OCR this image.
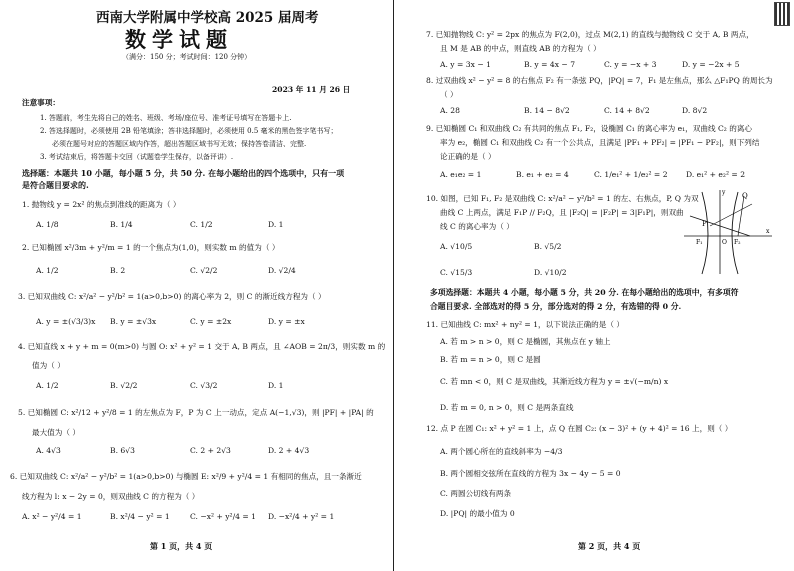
西南大学附属中学校高 2025 届周考
数学试题
（满分：150 分；考试时间：120 分钟）
2023 年 11 月 26 日
注意事项：
1. 答题前，考生先将自己的姓名、班级、考场/座位号、准考证号填写在答题卡上.
2. 答选择题时，必须使用 2B 铅笔填涂；答非选择题时，必须使用 0.5 毫米的黑色签字笔书写；
必须在题号对应的答题区域内作答，超出答题区域书写无效；保持答卷清洁、完整.
3. 考试结束后，将答题卡交回（试题卷学生保存，以备评讲）.
选择题：本题共 10 小题，每小题 5 分，共 50 分. 在每小题给出的四个选项中，只有一项
是符合题目要求的.
1. 抛物线 y = 2x² 的焦点到准线的距离为（ ）
A. 1/8	B. 1/4	C. 1/2	D. 1
2. 已知椭圆 x²/3m + y²/m = 1 的一个焦点为(1,0)，则实数 m 的值为（ ）
A. 1/2	B. 2	C. √2/2	D. √2/4
3. 已知双曲线 C: x²/a² − y²/b² = 1(a>0,b>0) 的离心率为 2，则 C 的渐近线方程为（ ）
A. y = ±(√3/3)x B. y = ±√3x	C. y = ±2x	D. y = ±x
4. 已知直线 x + y + m = 0(m>0) 与圆 O: x² + y² = 1 交于 A, B 两点，且 ∠AOB = 2π/3，则实数 m 的
值为（ ）
A. 1/2	B. √2/2	C. √3/2	D. 1
5. 已知椭圆 C: x²/12 + y²/8 = 1 的左焦点为 F，P 为 C 上一动点，定点 A(−1,√3)，则 |PF| + |PA| 的
最大值为（ ）
A. 4√3	B. 6√3	C. 2 + 2√3	D. 2 + 4√3
6. 已知双曲线 C: x²/a² − y²/b² = 1(a>0,b>0) 与椭圆 E: x²/9 + y²/4 = 1 有相同的焦点，且一条渐近
线方程为 l: x − 2y = 0，则双曲线 C 的方程为（ ）
A. x² − y²/4 = 1	B. x²/4 − y² = 1	C. −x² + y²/4 = 1 D. −x²/4 + y² = 1
第 1 页，共 4 页
7. 已知抛物线 C: y² = 2px 的焦点为 F(2,0)，过点 M(2,1) 的直线与抛物线 C 交于 A, B 两点，
且 M 是 AB 的中点，则直线 AB 的方程为（ ）
A. y = 3x − 1	B. y = 4x − 7	C. y = −x + 3	D. y = −2x + 5
8. 过双曲线 x² − y² = 8 的右焦点 F₂ 有一条弦 PQ，|PQ| = 7，F₁ 是左焦点，那么 △F₁PQ 的周长为
（ ）
A. 28	B. 14 − 8√2	C. 14 + 8√2	D. 8√2
9. 已知椭圆 C₁ 和双曲线 C₂ 有共同的焦点 F₁, F₂，设椭圆 C₁ 的离心率为 e₁，双曲线 C₂ 的离心
率为 e₂，椭圆 C₁ 和双曲线 C₂ 有一个公共点，且满足 |PF₁ + PF₂| = |PF₁ − PF₂|，则下列结
论正确的是（ ）
A. e₁e₂ = 1	B. e₁ + e₂ = 4	C. 1/e₁² + 1/e₂² = 2 D. e₁² + e₂² = 2
10. 如图，已知 F₁, F₂ 是双曲线 C: x²/a² − y²/b² = 1 的左、右焦点，P, Q 为双
曲线 C 上两点，满足 F₁P // F₂Q，且 |F₂Q| = |F₂P| = 3|F₁P|，则双曲
线 C 的离心率为（ ）
A. √10/5	B. √5/2
C. √15/3	D. √10/2
Q
P
F₁	F₂
O
x
y
多项选择题：本题共 4 小题，每小题 5 分，共 20 分. 在每小题给出的选项中，有多项符
合题目要求. 全部选对的得 5 分，部分选对的得 2 分，有选错的得 0 分.
11. 已知曲线 C: mx² + ny² = 1，以下说法正确的是（ ）
A. 若 m > n > 0，则 C 是椭圆，其焦点在 y 轴上
B. 若 m = n > 0，则 C 是圆
C. 若 mn < 0，则 C 是双曲线，其渐近线方程为 y = ±√(−m/n) x
D. 若 m = 0, n > 0，则 C 是两条直线
12. 点 P 在圆 C₁: x² + y² = 1 上，点 Q 在圆 C₂: (x − 3)² + (y + 4)² = 16 上，则（ ）
A. 两个圆心所在的直线斜率为 −4/3
B. 两个圆相交弦所在直线的方程为 3x − 4y − 5 = 0
C. 两圆公切线有两条
D. |PQ| 的最小值为 0
第 2 页，共 4 页
